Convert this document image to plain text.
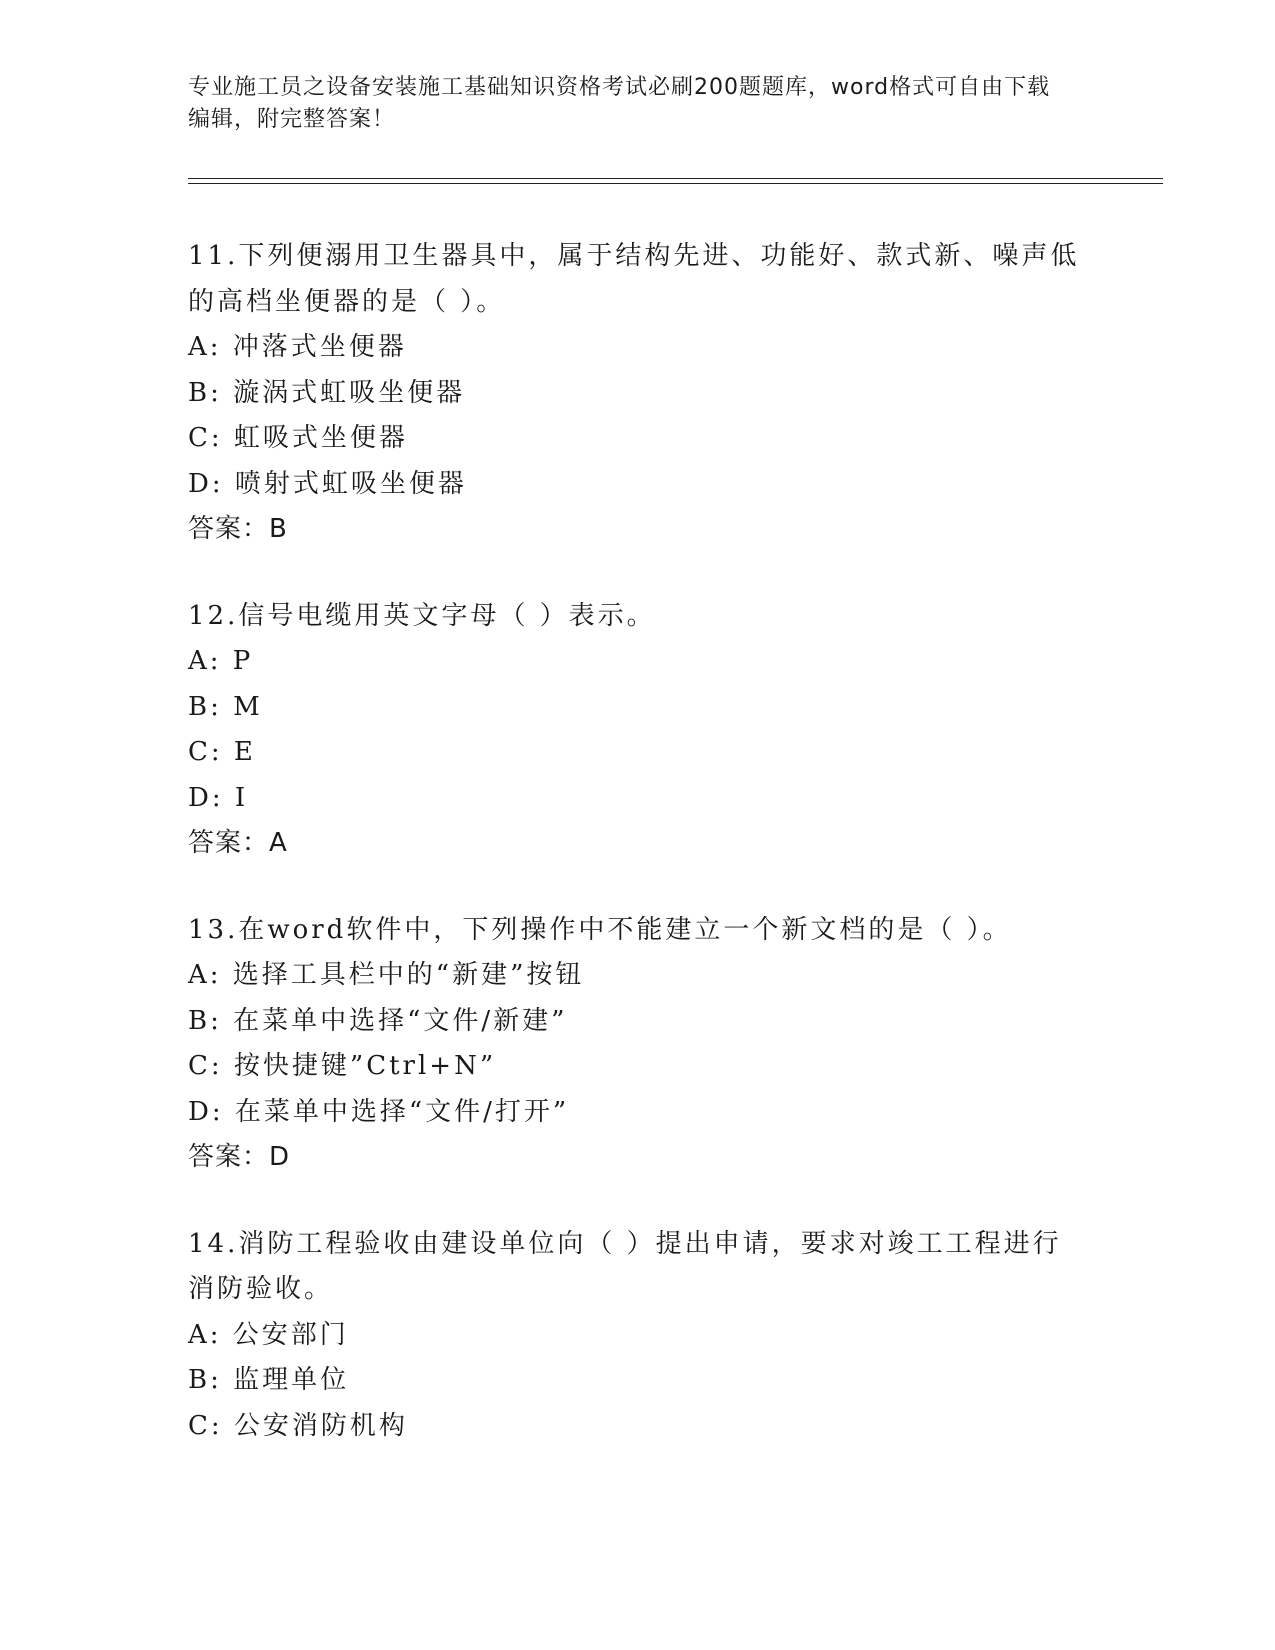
专业施工员之设备安装施工基础知识资格考试必刷200题题库，word格式可自由下载编辑，附完整答案！

11.下列便溺用卫生器具中，属于结构先进、功能好、款式新、噪声低的高档坐便器的是（ ）。

A: 冲落式坐便器

B: 漩涡式虹吸坐便器

C: 虹吸式坐便器

D: 喷射式虹吸坐便器

答案：B

12.信号电缆用英文字母（ ）表示。

A: P

B: M

C: E

D: I

答案：A

13.在word软件中，下列操作中不能建立一个新文档的是（ ）。

A: 选择工具栏中的“新建”按钮

B: 在菜单中选择“文件/新建”

C: 按快捷键”Ctrl+N”

D: 在菜单中选择“文件/打开”

答案：D

14.消防工程验收由建设单位向（ ）提出申请，要求对竣工工程进行消防验收。

A: 公安部门

B: 监理单位

C: 公安消防机构
